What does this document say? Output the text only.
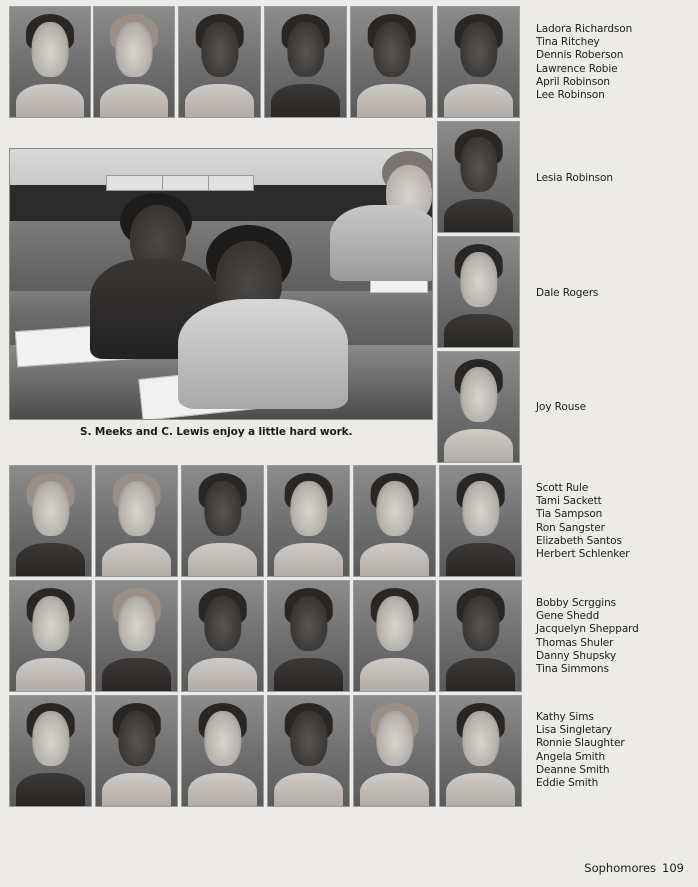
Ladora Richardson
Tina Ritchey
Dennis Roberson
Lawrence Robie
April Robinson
Lee Robinson
S. Meeks and C. Lewis enjoy a little hard work.
Lesia Robinson
Dale Rogers
Joy Rouse
Scott Rule
Tami Sackett
Tia Sampson
Ron Sangster
Elizabeth Santos
Herbert Schlenker
Bobby Scrggins
Gene Shedd
Jacquelyn Sheppard
Thomas Shuler
Danny Shupsky
Tina Simmons
Kathy Sims
Lisa Singletary
Ronnie Slaughter
Angela Smith
Deanne Smith
Eddie Smith
Sophomores 109
